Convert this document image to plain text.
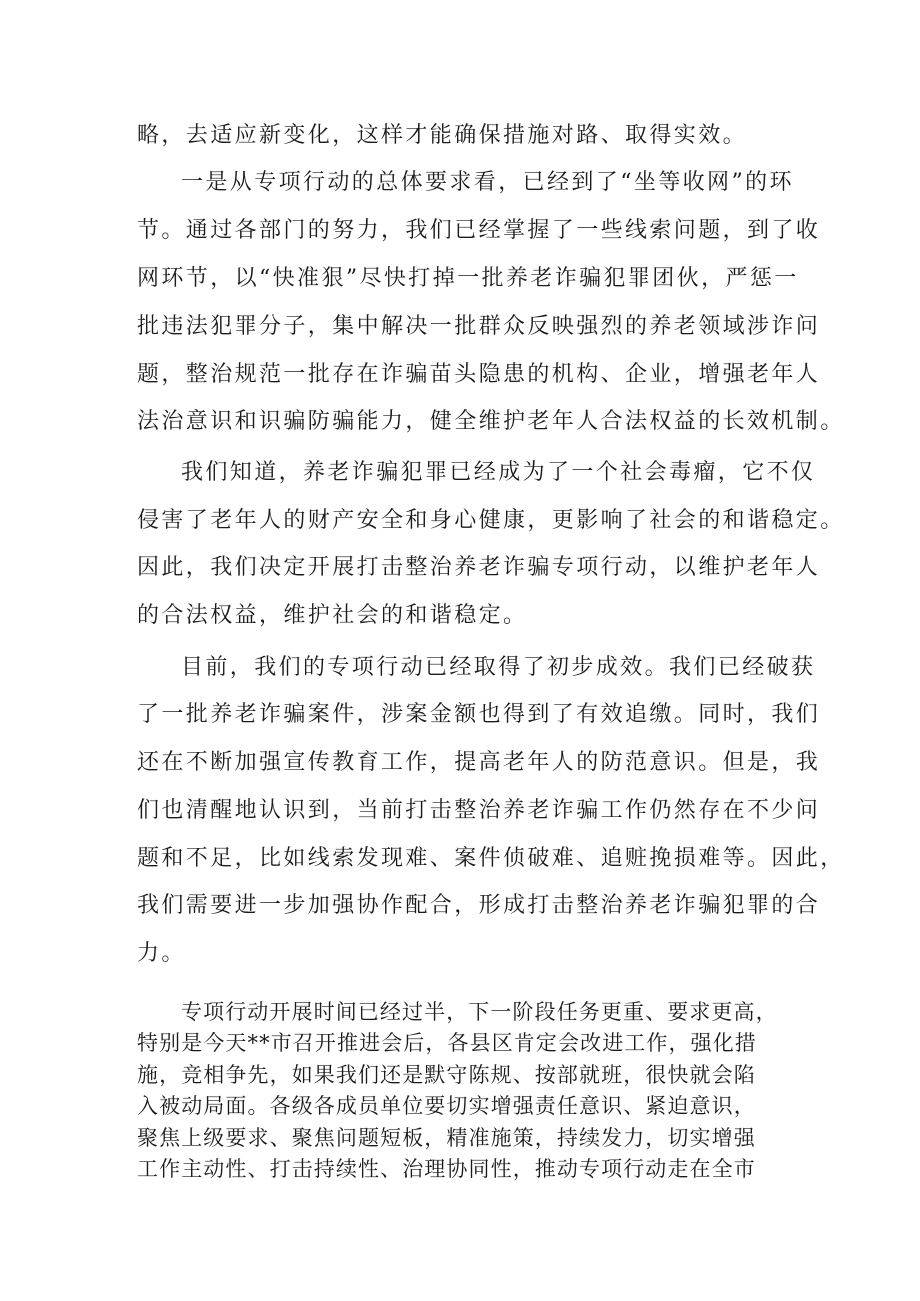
略，去适应新变化，这样才能确保措施对路、取得实效。
一是从专项行动的总体要求看，已经到了“坐等收网”的环
节。通过各部门的努力，我们已经掌握了一些线索问题，到了收
网环节，以“快准狠”尽快打掉一批养老诈骗犯罪团伙，严惩一
批违法犯罪分子，集中解决一批群众反映强烈的养老领域涉诈问
题，整治规范一批存在诈骗苗头隐患的机构、企业，增强老年人
法治意识和识骗防骗能力，健全维护老年人合法权益的长效机制。
我们知道，养老诈骗犯罪已经成为了一个社会毒瘤，它不仅
侵害了老年人的财产安全和身心健康，更影响了社会的和谐稳定。
因此，我们决定开展打击整治养老诈骗专项行动，以维护老年人
的合法权益，维护社会的和谐稳定。
目前，我们的专项行动已经取得了初步成效。我们已经破获
了一批养老诈骗案件，涉案金额也得到了有效追缴。同时，我们
还在不断加强宣传教育工作，提高老年人的防范意识。但是，我
们也清醒地认识到，当前打击整治养老诈骗工作仍然存在不少问
题和不足，比如线索发现难、案件侦破难、追赃挽损难等。因此，
我们需要进一步加强协作配合，形成打击整治养老诈骗犯罪的合
力。
专项行动开展时间已经过半，下一阶段任务更重、要求更高，
特别是今天**市召开推进会后，各县区肯定会改进工作，强化措
施，竞相争先，如果我们还是默守陈规、按部就班，很快就会陷
入被动局面。各级各成员单位要切实增强责任意识、紧迫意识，
聚焦上级要求、聚焦问题短板，精准施策，持续发力，切实增强
工作主动性、打击持续性、治理协同性，推动专项行动走在全市
